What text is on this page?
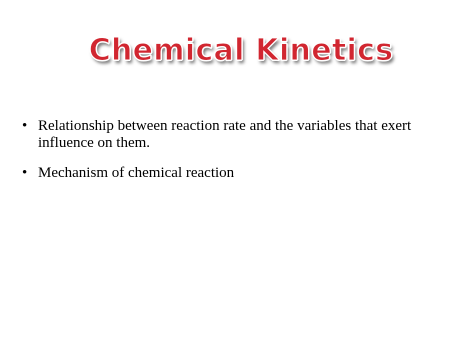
Chemical Kinetics
• Relationship between reaction rate and the variables that exert influence on them.
• Mechanism of chemical reaction
